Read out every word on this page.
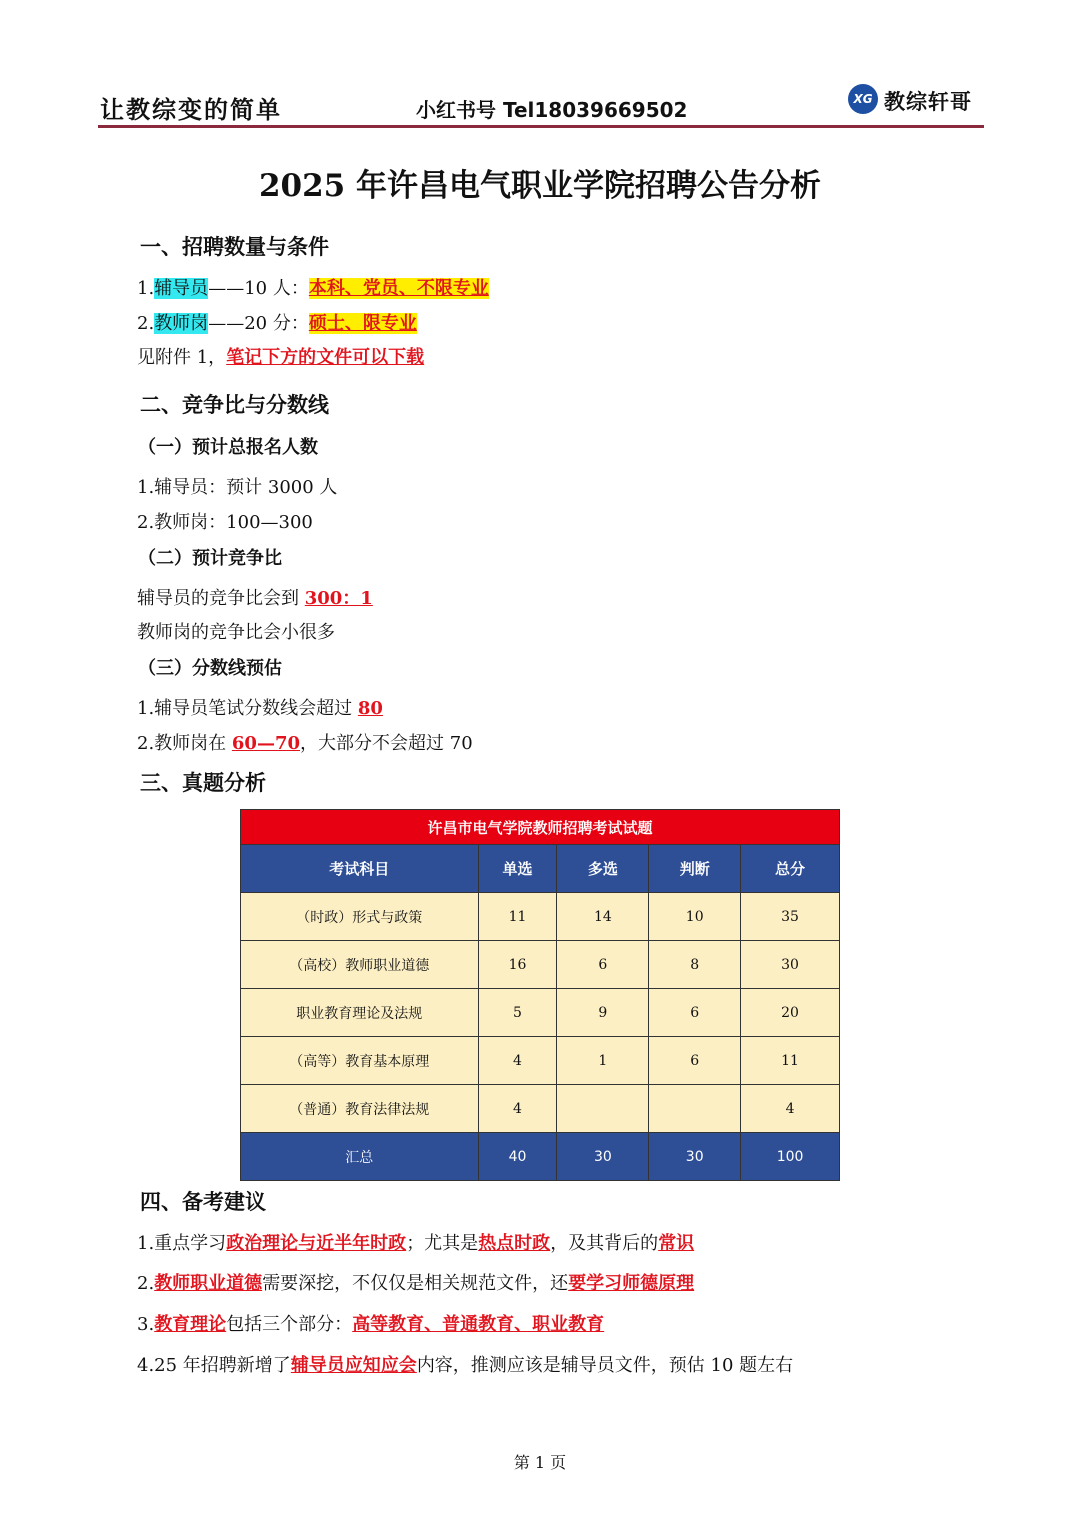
让教综变的简单	小红书号 Tel18039669502	XG 教综轩哥
2025 年许昌电气职业学院招聘公告分析
一、招聘数量与条件
1.辅导员——10 人：本科、党员、不限专业
2.教师岗——20 分：硕士、限专业
见附件 1，笔记下方的文件可以下载
二、竞争比与分数线
（一）预计总报名人数
1.辅导员：预计 3000 人
2.教师岗：100—300
（二）预计竞争比
辅导员的竞争比会到 300：1
教师岗的竞争比会小很多
（三）分数线预估
1.辅导员笔试分数线会超过 80
2.教师岗在 60—70，大部分不会超过 70
三、真题分析
许昌市电气学院教师招聘考试试题				
考试科目	单选	多选	判断	总分
（时政）形式与政策	11	14	10	35
（高校）教师职业道德	16	6	8	30
职业教育理论及法规	5	9	6	20
（高等）教育基本原理	4	1	6	11
（普通）教育法律法规	4			4
汇总	40	30	30	100
四、备考建议
1.重点学习政治理论与近半年时政；尤其是热点时政，及其背后的常识
2.教师职业道德需要深挖，不仅仅是相关规范文件，还要学习师德原理
3.教育理论包括三个部分：高等教育、普通教育、职业教育
4.25 年招聘新增了辅导员应知应会内容，推测应该是辅导员文件，预估 10 题左右
第 1 页
